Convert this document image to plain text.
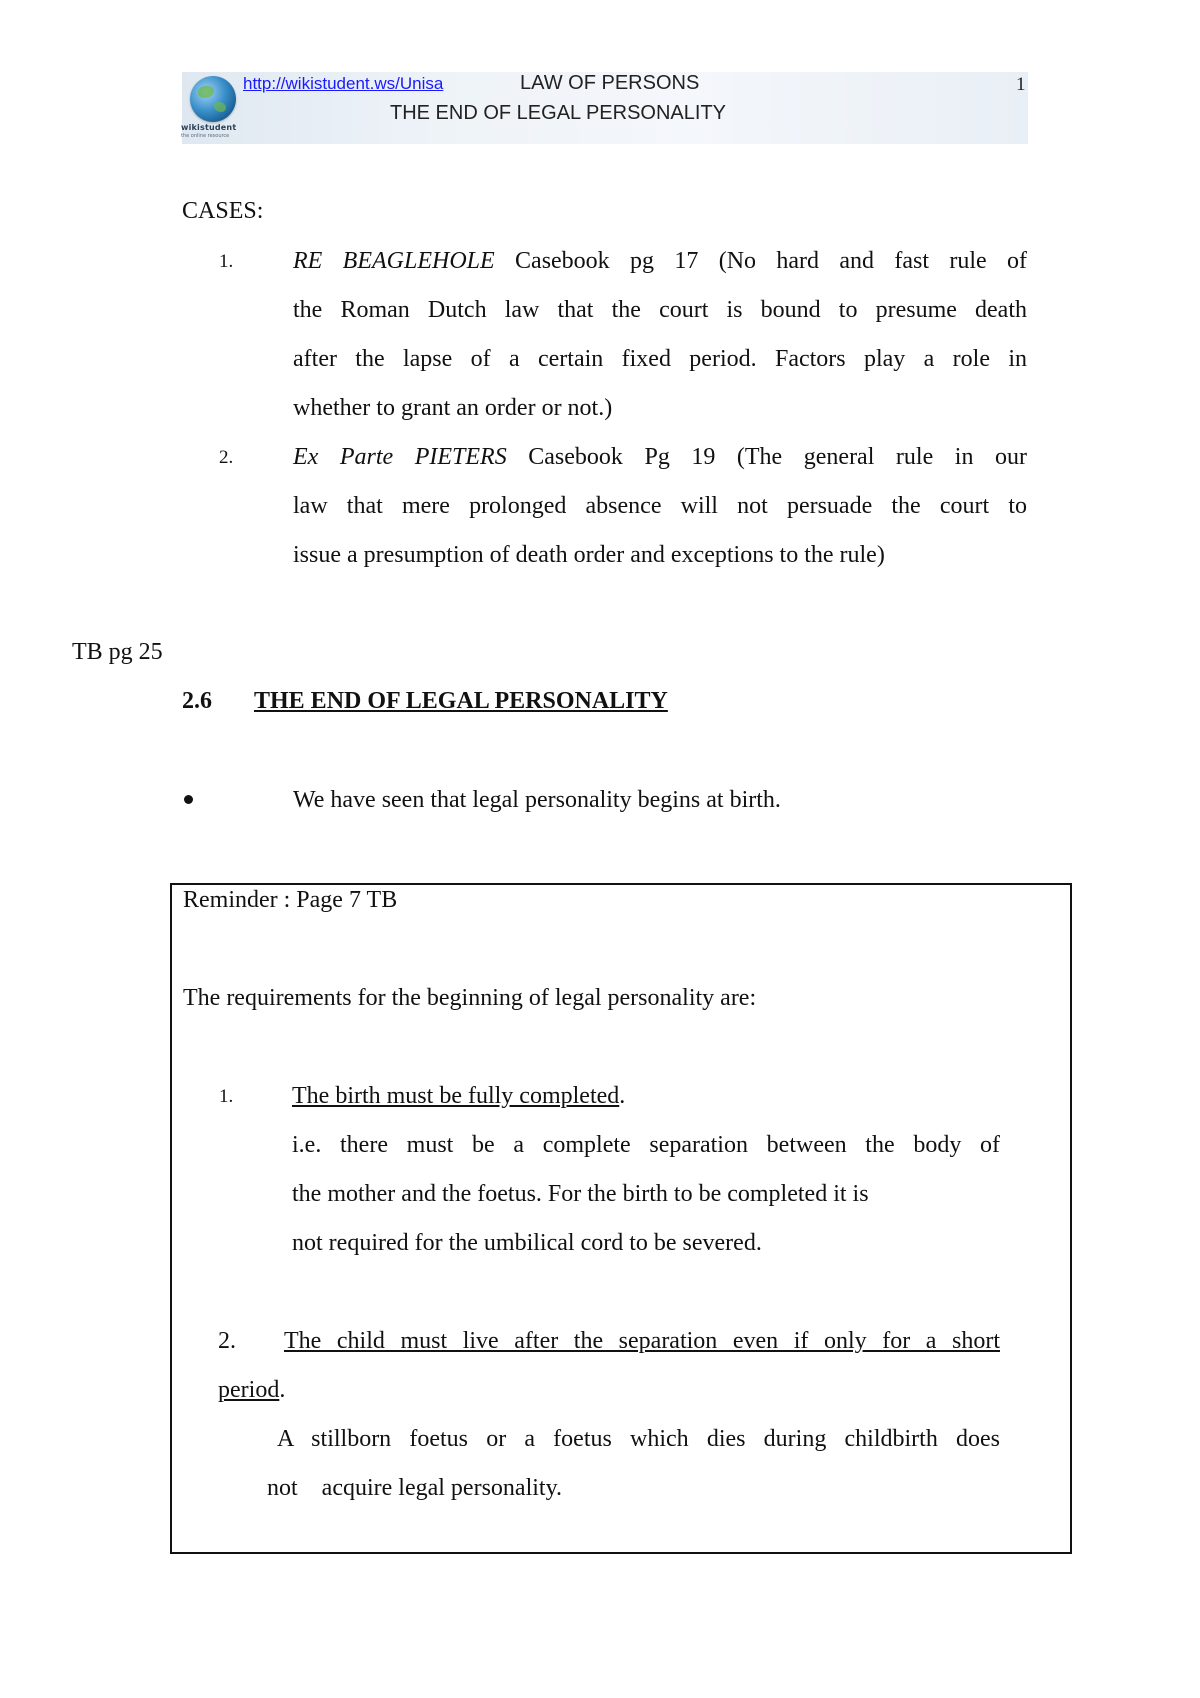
wikistudent
the online resource
http://wikistudent.ws/Unisa	LAW OF PERSONS
THE END OF LEGAL PERSONALITY
1
CASES:
1. RE BEAGLEHOLE Casebook pg 17 (No hard and fast rule of
the Roman Dutch law that the court is bound to presume death
after the lapse of a certain fixed period. Factors play a role in
whether to grant an order or not.)
2. Ex Parte PIETERS Casebook Pg 19 (The general rule in our
law that mere prolonged absence will not persuade the court to
issue a presumption of death order and exceptions to the rule)
TB pg 25
2.6 THE END OF LEGAL PERSONALITY
We have seen that legal personality begins at birth.
Reminder : Page 7 TB
The requirements for the beginning of legal personality are:
1. The birth must be fully completed.
i.e. there must be a complete separation between the body of
the mother and the foetus. For the birth to be completed it is
not required for the umbilical cord to be severed.
2. The child must live after the separation even if only for a short
period.
A stillborn foetus or a foetus which dies during childbirth does
not    acquire legal personality.
